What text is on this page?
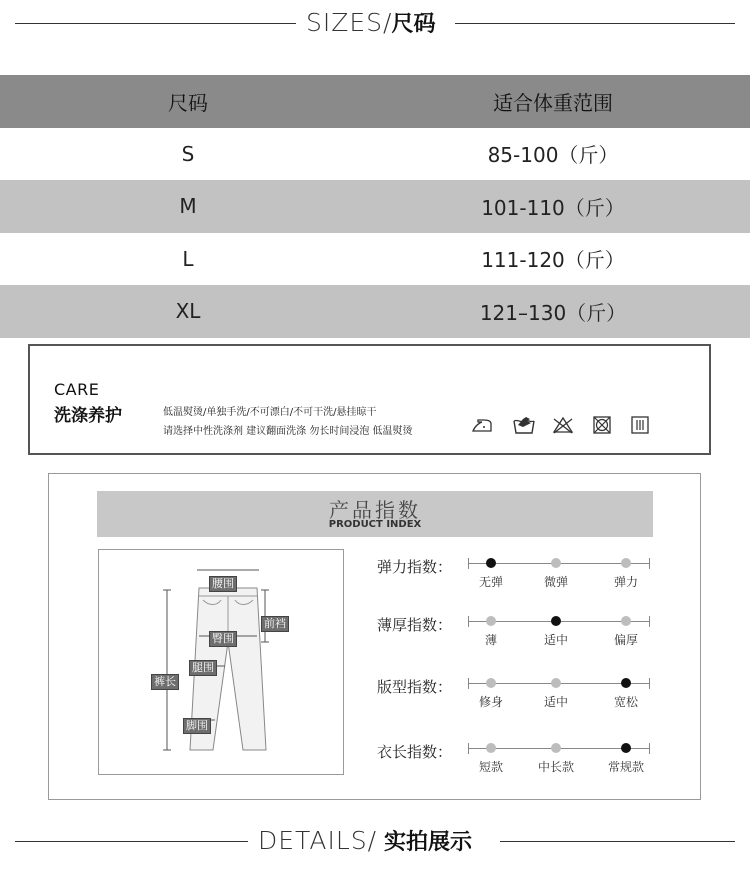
SIZES/尺码
尺码	适合体重范围
S	85-100（斤）
M	101-110（斤）
L	111-120（斤）
XL	121–130（斤）
CARE
洗涤养护	低温熨烫/单独手洗/不可漂白/不可干洗/悬挂晾干
请选择中性洗涤剂 建议翻面洗涤 勿长时间浸泡 低温熨烫
产品指数
PRODUCT INDEX
腰围
前裆
臀围
腿围
裤长
脚围
弹力指数：
无弹	微弹	弹力
薄厚指数：
薄	适中	偏厚
版型指数：
修身	适中	宽松
衣长指数：
短款	中长款	常规款
DETAILS/ 实拍展示
